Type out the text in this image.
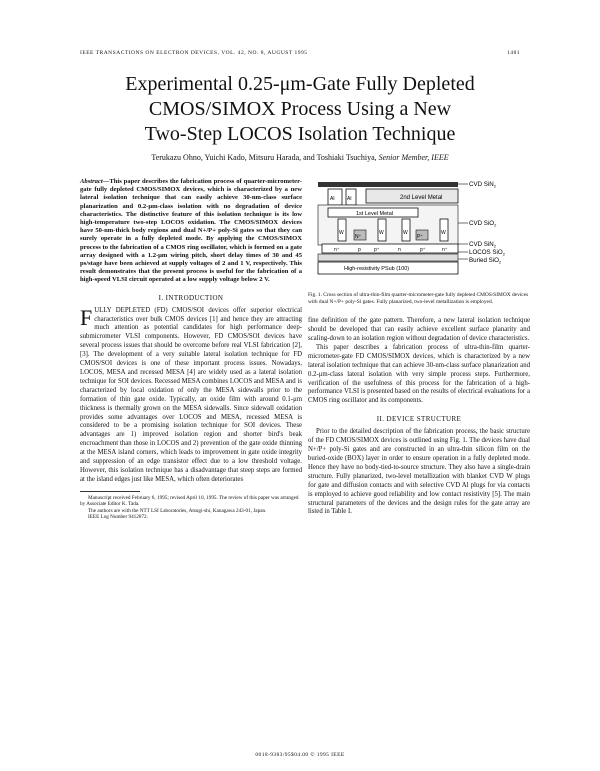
IEEE TRANSACTIONS ON ELECTRON DEVICES, VOL. 42, NO. 8, AUGUST 1995	1481
Experimental 0.25-μm-Gate Fully Depleted
CMOS/SIMOX Process Using a New
Two-Step LOCOS Isolation Technique
Terukazu Ohno, Yuichi Kado, Mitsuru Harada, and Toshiaki Tsuchiya, Senior Member, IEEE
Abstract—This paper describes the fabrication process of quarter-micrometer-gate fully depleted CMOS/SIMOX devices, which is characterized by a new lateral isolation technique that can easily achieve 30-nm-class surface planarization and 0.2-μm-class isolation with no degradation of device characteristics. The distinctive feature of this isolation technique is its low high-temperature two-step LOCOS oxidation. The CMOS/SIMOX devices have 50-nm-thick body regions and dual N+/P+ poly-Si gates so that they can surely operate in a fully depleted mode. By applying the CMOS/SIMOX process to the fabrication of a CMOS ring oscillator, which is formed on a gate array designed with a 1.2-μm wiring pitch, short delay times of 30 and 45 ps/stage have been achieved at supply voltages of 2 and 1 V, respectively. This result demonstrates that the present process is useful for the fabrication of a high-speed VLSI circuit operated at a low supply voltage below 2 V.
I. INTRODUCTION
FULLY DEPLETED (FD) CMOS/SOI devices offer superior electrical characteristics over bulk CMOS devices [1] and hence they are attracting much attention as potential candidates for high performance deep-submicrometer VLSI components. However, FD CMOS/SOI devices have several process issues that should be overcome before real VLSI fabrication [2], [3]. The development of a very suitable lateral isolation technique for FD CMOS/SOI devices is one of these important process issues. Nowadays, LOCOS, MESA and recessed MESA [4] are widely used as a lateral isolation technique for SOI devices. Recessed MESA combines LOCOS and MESA and is characterized by local oxidation of only the MESA sidewalls prior to the formation of thin gate oxide. Typically, an oxide film with around 0.1-μm thickness is thermally grown on the MESA sidewalls. Since sidewall oxidation provides some advantages over LOCOS and MESA, recessed MESA is considered to be a promising isolation technique for SOI devices. These advantages are 1) improved isolation region and shorter bird's beak encroachment than those in LOCOS and 2) prevention of the gate oxide thinning at the MESA island corners, which leads to improvement in gate oxide integrity and suppression of an edge transistor effect due to a low threshold voltage. However, this isolation technique has a disadvantage that steep steps are formed at the island edges just like MESA, which often deteriorates

Manuscript received February 6, 1995; revised April 10, 1995. The review of this paper was arranged by Associate Editor K. Tada.

The authors are with the NTT LSI Laboratories, Atsugi-shi, Kanagawa 243-01, Japan.

IEEE Log Number 9412872.

2nd Level Metal
Al	Al
1st Level Metal
W	W	W	W
N⁺	P⁺
n⁺	p	p⁺	n	p⁺	n⁺
High-resistivity PSub (100)
CVD SiN$_2$
CVD SiO$_2$
CVD SiN$_2$
LOCOS SiO$_2$
Buried SiO$_2$
Fig. 1. Cross section of ultra-thin-film quarter-micrometer-gate fully depleted CMOS/SIMOX devices with dual N+/P+ poly-Si gates. Fully planarized, two-level metallization is employed.

fine definition of the gate pattern. Therefore, a new lateral isolation technique should be developed that can easily achieve excellent surface planarity and scaling-down to an isolation region without degradation of device characteristics.

This paper describes a fabrication process of ultra-thin-film quarter-micrometer-gate FD CMOS/SIMOX devices, which is characterized by a new lateral isolation technique that can achieve 30-nm-class surface planarization and 0.2-μm-class lateral isolation with very simple process steps. Furthermore, verification of the usefulness of this process for the fabrication of a high-performance VLSI is presented based on the results of electrical evaluations for a CMOS ring oscillator and its components.

II. DEVICE STRUCTURE

Prior to the detailed description of the fabrication process, the basic structure of the FD CMOS/SIMOX devices is outlined using Fig. 1. The devices have dual N+/P+ poly-Si gates and are constructed in an ultra-thin silicon film on the buried-oxide (BOX) layer in order to ensure operation in a fully depleted mode. Hence they have no body-tied-to-source structure. They also have a single-drain structure. Fully planarized, two-level metallization with blanket CVD W plugs for gate and diffusion contacts and with selective CVD Al plugs for via contacts is employed to achieve good reliability and low contact resistivity [5]. The main structural parameters of the devices and the design rules for the gate array are listed in Table I.

0018-9383/95$04.00 © 1995 IEEE
